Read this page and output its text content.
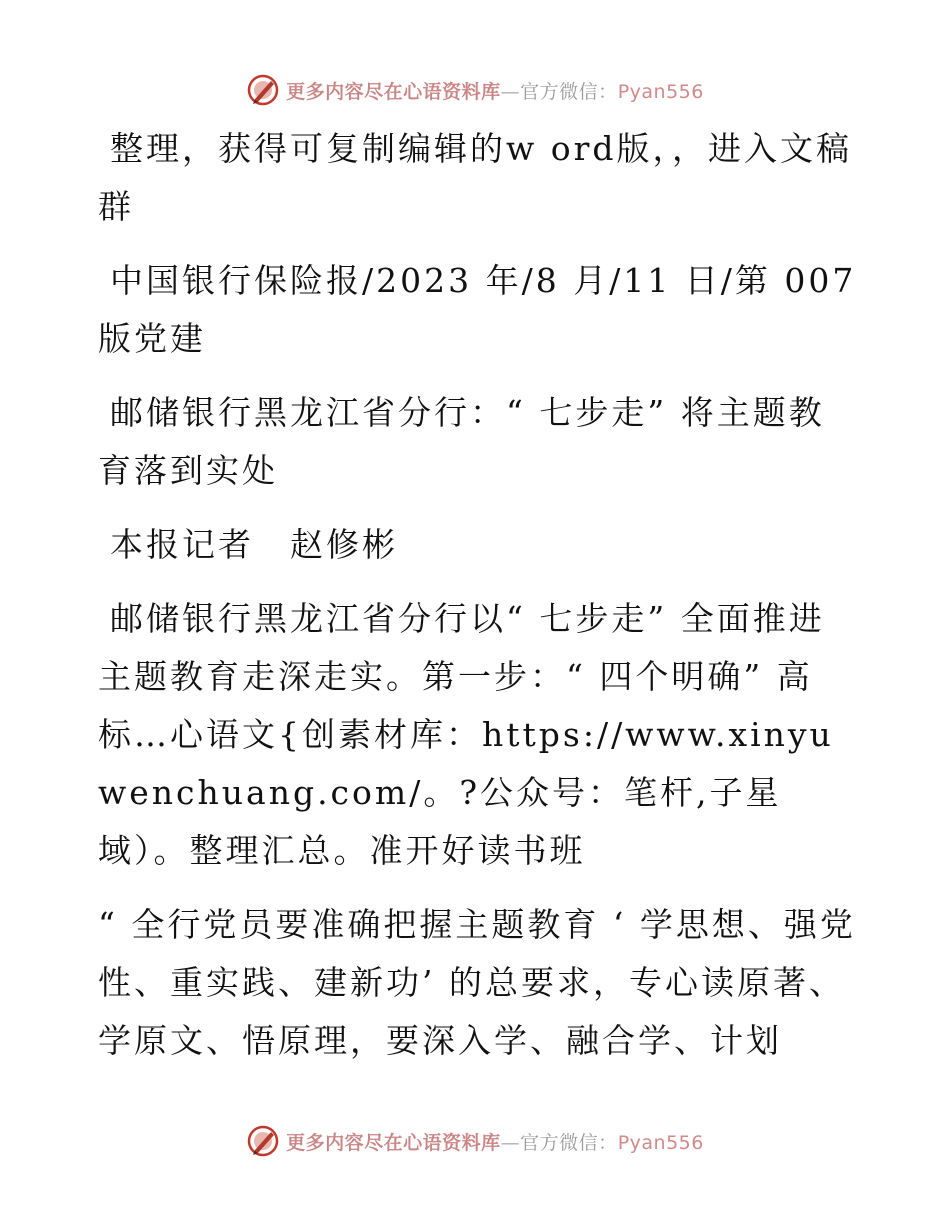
更多内容尽在心语资料库—官方微信：Pyan556

整理，获得可复制编辑的w ord版，，进入文稿群

中国银行保险报/2023 年/8 月/11 日/第 007 版党建

邮储银行黑龙江省分行：“ 七步走” 将主题教育落到实处

本报记者　赵修彬

邮储银行黑龙江省分行以“ 七步走” 全面推进主题教育走深走实。第一步：“ 四个明确” 高标…心语文{创素材库：https://www.xinyuwenchuang.com/。?公众号：笔杆,子星域）。整理汇总。准开好读书班

“ 全行党员要准确把握主题教育 ‘ 学思想、强党性、重实践、建新功’ 的总要求，专心读原著、学原文、悟原理，要深入学、融合学、计划

更多内容尽在心语资料库—官方微信：Pyan556
